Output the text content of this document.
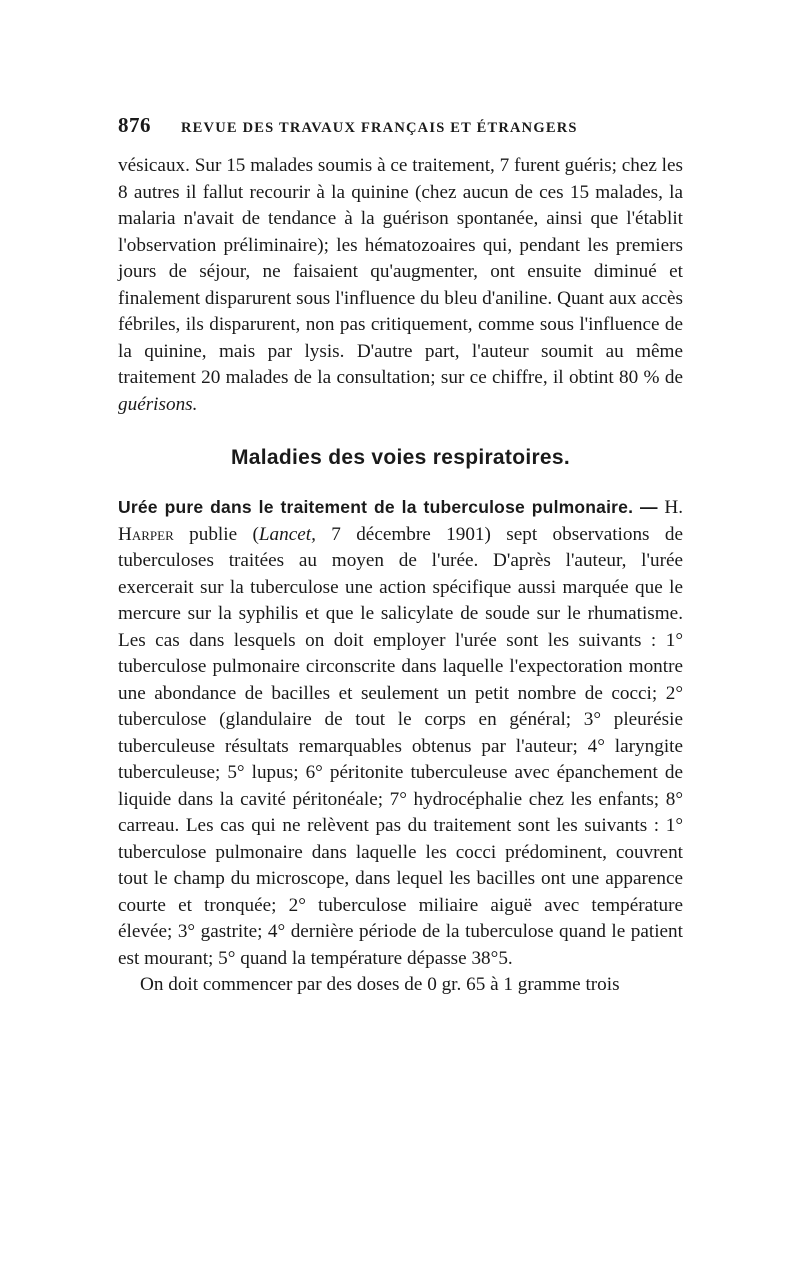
876 REVUE DES TRAVAUX FRANÇAIS ET ÉTRANGERS

vésicaux. Sur 15 malades soumis à ce traitement, 7 furent guéris; chez les 8 autres il fallut recourir à la quinine (chez aucun de ces 15 malades, la malaria n'avait de tendance à la guérison spontanée, ainsi que l'établit l'observation préliminaire); les hématozoaires qui, pendant les premiers jours de séjour, ne faisaient qu'augmenter, ont ensuite diminué et finalement disparurent sous l'influence du bleu d'aniline. Quant aux accès fébriles, ils disparurent, non pas critiquement, comme sous l'influence de la quinine, mais par lysis. D'autre part, l'auteur soumit au même traitement 20 malades de la consultation; sur ce chiffre, il obtint 80 % de guérisons.

Maladies des voies respiratoires.

Urée pure dans le traitement de la tuberculose pulmonaire. — H. Harper publie (Lancet, 7 décembre 1901) sept observations de tuberculoses traitées au moyen de l'urée. D'après l'auteur, l'urée exercerait sur la tuberculose une action spécifique aussi marquée que le mercure sur la syphilis et que le salicylate de soude sur le rhumatisme. Les cas dans lesquels on doit employer l'urée sont les suivants : 1° tuberculose pulmonaire circonscrite dans laquelle l'expectoration montre une abondance de bacilles et seulement un petit nombre de cocci; 2° tuberculose (glandulaire de tout le corps en général; 3° pleurésie tuberculeuse résultats remarquables obtenus par l'auteur; 4° laryngite tuberculeuse; 5° lupus; 6° péritonite tuberculeuse avec épanchement de liquide dans la cavité péritonéale; 7° hydrocéphalie chez les enfants; 8° carreau. Les cas qui ne relèvent pas du traitement sont les suivants : 1° tuberculose pulmonaire dans laquelle les cocci prédominent, couvrent tout le champ du microscope, dans lequel les bacilles ont une apparence courte et tronquée; 2° tuberculose miliaire aiguë avec température élevée; 3° gastrite; 4° dernière période de la tuberculose quand le patient est mourant; 5° quand la température dépasse 38°5.

On doit commencer par des doses de 0 gr. 65 à 1 gramme trois
